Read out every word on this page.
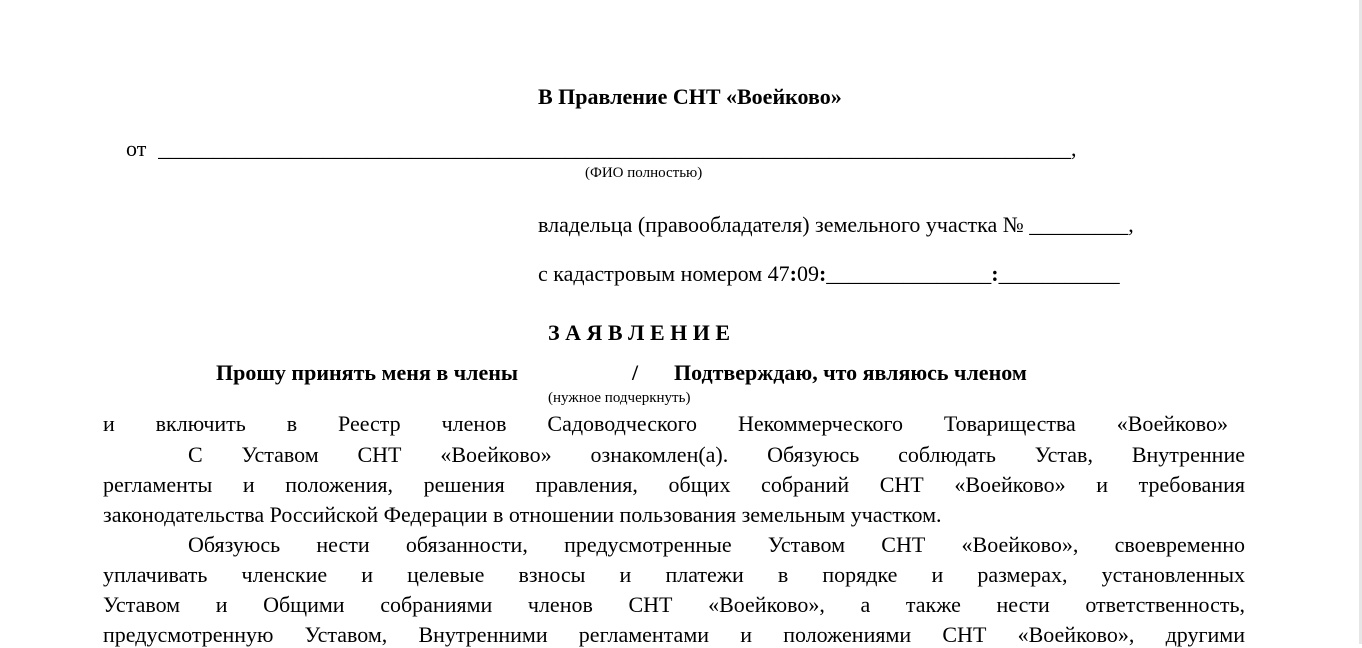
В Правление СНТ «Воейково»
от ___________________________________________________________________________________,
(ФИО полностью)
владельца (правообладателя) земельного участка № _________,
с кадастровым номером 47:09:_______________:___________
З А Я В Л Е Н И Е
Прошу принять меня в члены	/ Подтверждаю, что являюсь членом
(нужное подчеркнуть)
и включить в Реестр членов Садоводческого Некоммерческого Товарищества «Воейково»
С Уставом СНТ «Воейково» ознакомлен(а). Обязуюсь соблюдать Устав, Внутренние
регламенты и положения, решения правления, общих собраний СНТ «Воейково» и требования
законодательства Российской Федерации в отношении пользования земельным участком.
Обязуюсь нести обязанности, предусмотренные Уставом СНТ «Воейково», своевременно
уплачивать членские и целевые взносы и платежи в порядке и размерах, установленных
Уставом и Общими собраниями членов СНТ «Воейково», а также нести ответственность,
предусмотренную Уставом, Внутренними регламентами и положениями СНТ «Воейково», другими
